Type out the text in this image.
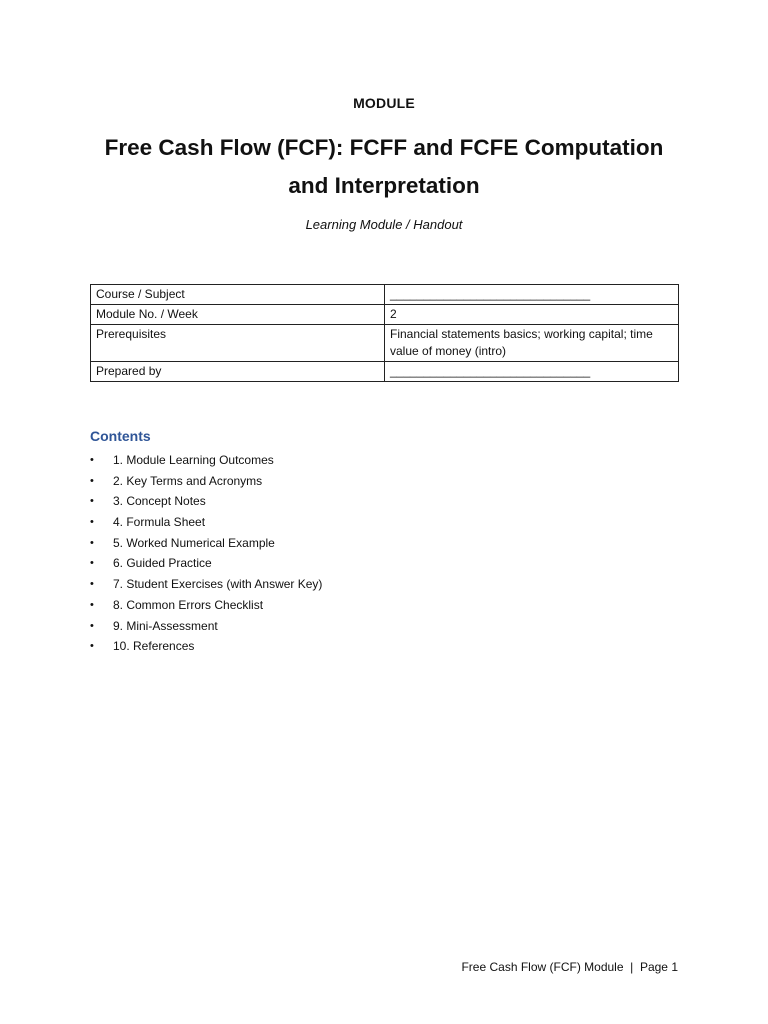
MODULE
Free Cash Flow (FCF): FCFF and FCFE Computation and Interpretation
Learning Module / Handout
Course / Subject	______________________________
Module No. / Week	2
Prerequisites	Financial statements basics; working capital; time value of money (intro)
Prepared by	______________________________
Contents
• 1. Module Learning Outcomes
• 2. Key Terms and Acronyms
• 3. Concept Notes
• 4. Formula Sheet
• 5. Worked Numerical Example
• 6. Guided Practice
• 7. Student Exercises (with Answer Key)
• 8. Common Errors Checklist
• 9. Mini-Assessment
• 10. References
Free Cash Flow (FCF) Module  |  Page 1
